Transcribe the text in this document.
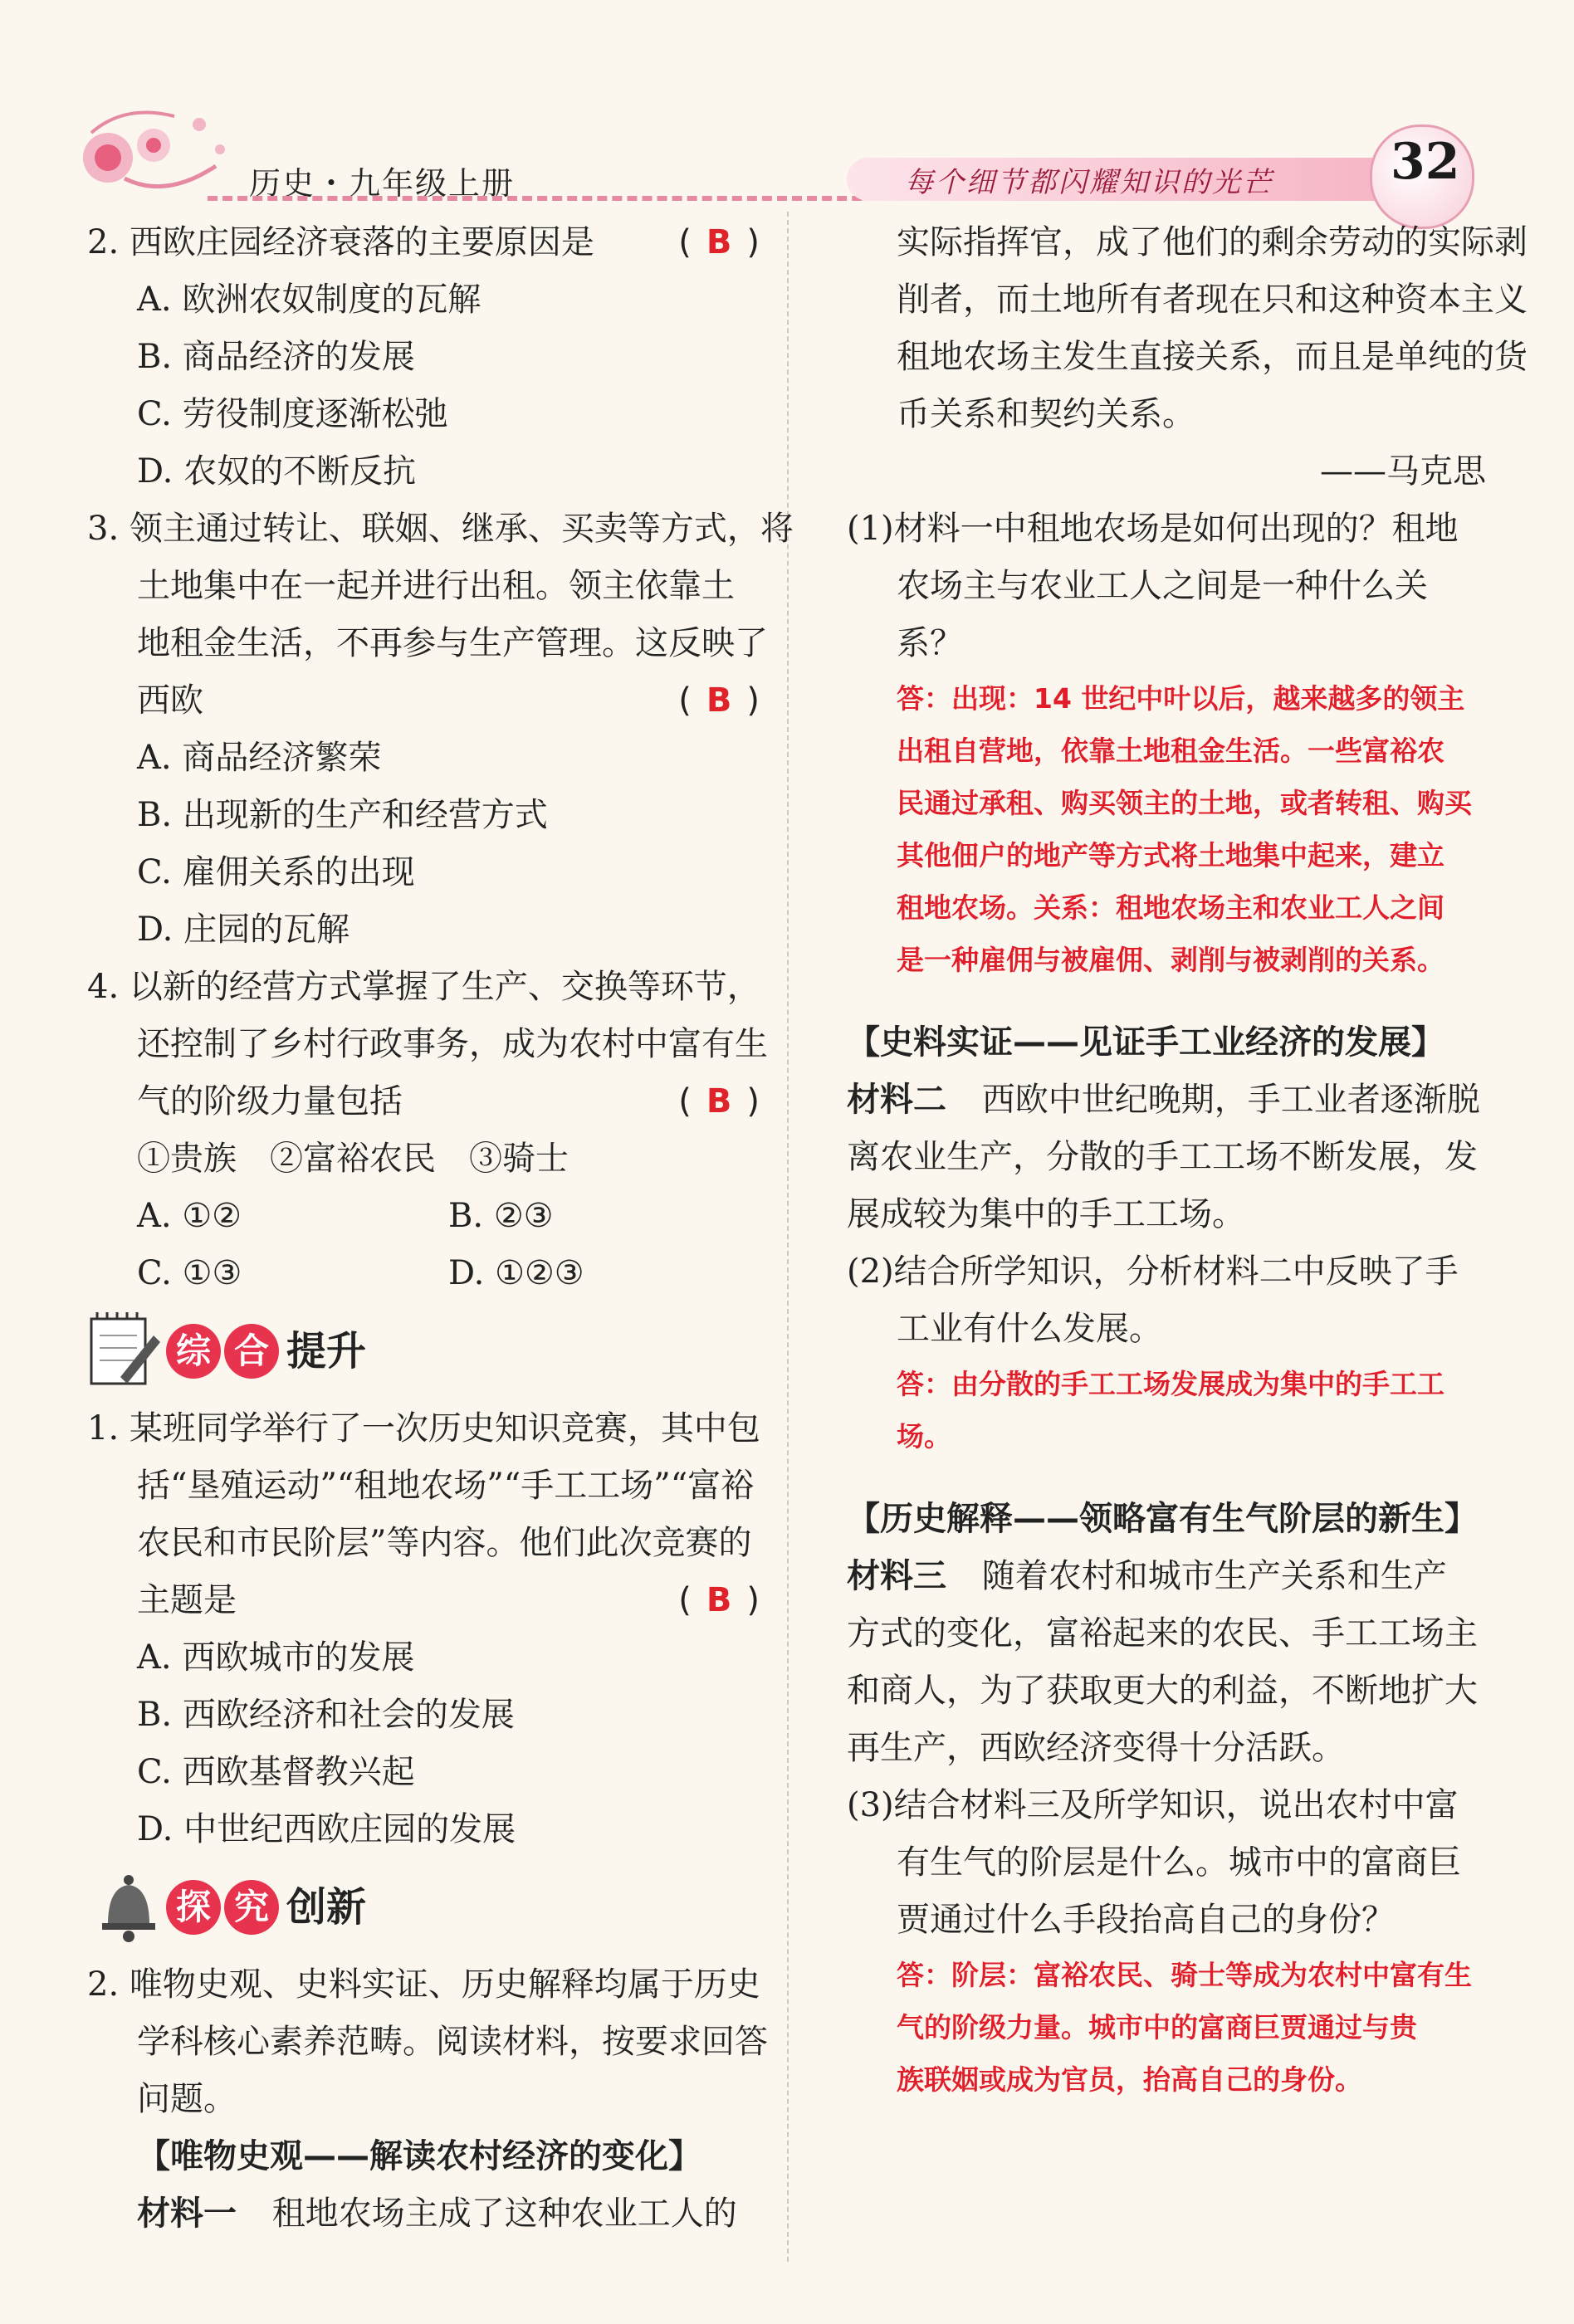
历史・九年级上册	每个细节都闪耀知识的光芒 32
2. 西欧庄园经济衰落的主要原因是	( B )
A. 欧洲农奴制度的瓦解
B. 商品经济的发展
C. 劳役制度逐渐松弛
D. 农奴的不断反抗
3. 领主通过转让、联姻、继承、买卖等方式，将
土地集中在一起并进行出租。领主依靠土
地租金生活，不再参与生产管理。这反映了
西欧	( B )
A. 商品经济繁荣
B. 出现新的生产和经营方式
C. 雇佣关系的出现
D. 庄园的瓦解
4. 以新的经营方式掌握了生产、交换等环节，
还控制了乡村行政事务，成为农村中富有生
气的阶级力量包括	( B )
①贵族　②富裕农民　③骑士
A. ①②	B. ②③
C. ①③	D. ①②③
综 合 提升
1. 某班同学举行了一次历史知识竞赛，其中包
括“垦殖运动”“租地农场”“手工工场”“富裕
农民和市民阶层”等内容。他们此次竞赛的
主题是	( B )
A. 西欧城市的发展
B. 西欧经济和社会的发展
C. 西欧基督教兴起
D. 中世纪西欧庄园的发展
探 究 创新
2. 唯物史观、史料实证、历史解释均属于历史
学科核心素养范畴。阅读材料，按要求回答
问题。
【唯物史观——解读农村经济的变化】
材料一 租地农场主成了这种农业工人的
实际指挥官，成了他们的剩余劳动的实际剥
削者，而土地所有者现在只和这种资本主义
租地农场主发生直接关系，而且是单纯的货
币关系和契约关系。
——马克思
(1)材料一中租地农场是如何出现的？租地
农场主与农业工人之间是一种什么关
系？
答：出现：14 世纪中叶以后，越来越多的领主
出租自营地，依靠土地租金生活。一些富裕农
民通过承租、购买领主的土地，或者转租、购买
其他佃户的地产等方式将土地集中起来，建立
租地农场。关系：租地农场主和农业工人之间
是一种雇佣与被雇佣、剥削与被剥削的关系。
【史料实证——见证手工业经济的发展】
材料二 西欧中世纪晚期，手工业者逐渐脱
离农业生产，分散的手工工场不断发展，发
展成较为集中的手工工场。
(2)结合所学知识，分析材料二中反映了手
工业有什么发展。
答：由分散的手工工场发展成为集中的手工工
场。
【历史解释——领略富有生气阶层的新生】
材料三 随着农村和城市生产关系和生产
方式的变化，富裕起来的农民、手工工场主
和商人，为了获取更大的利益，不断地扩大
再生产，西欧经济变得十分活跃。
(3)结合材料三及所学知识，说出农村中富
有生气的阶层是什么。城市中的富商巨
贾通过什么手段抬高自己的身份？
答：阶层：富裕农民、骑士等成为农村中富有生
气的阶级力量。城市中的富商巨贾通过与贵
族联姻或成为官员，抬高自己的身份。
